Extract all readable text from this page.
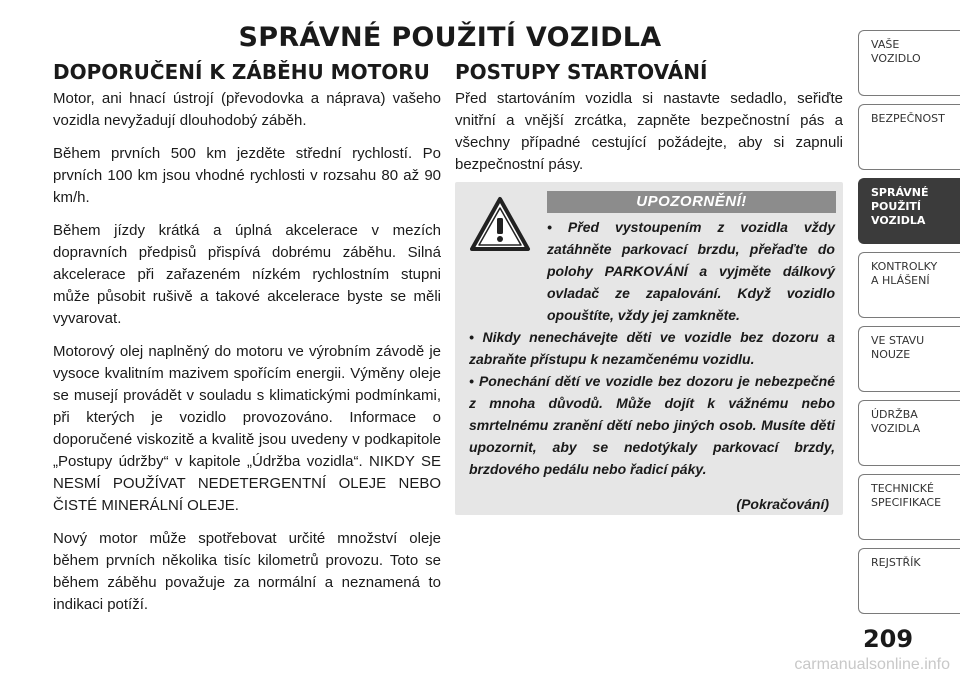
SPRÁVNÉ POUŽITÍ VOZIDLA
DOPORUČENÍ K ZÁBĚHU MOTORU

Motor, ani hnací ústrojí (převodovka a náprava) vašeho vozidla nevyžadují dlouhodobý záběh.

Během prvních 500 km jezděte střední rychlostí. Po prvních 100 km jsou vhodné rychlosti v rozsahu 80 až 90 km/h.

Během jízdy krátká a úplná akcelerace v mezích dopravních předpisů přispívá dobrému záběhu. Silná akcelerace při zařazeném nízkém rychlostním stupni může působit rušivě a takové akcelerace byste se měli vyvarovat.

Motorový olej naplněný do motoru ve výrobním závodě je vysoce kvalitním mazivem spořícím energii. Výměny oleje se musejí provádět v souladu s klimatickými podmínkami, při kterých je vozidlo provozováno. Informace o doporučené viskozitě a kvalitě jsou uvedeny v podkapitole „Postupy údržby“ v kapitole „Údržba vozidla“. NIKDY SE NESMÍ POUŽÍVAT NEDETERGENTNÍ OLEJE NEBO ČISTÉ MINERÁLNÍ OLEJE.

Nový motor může spotřebovat určité množství oleje během prvních několika tisíc kilometrů provozu. Toto se během záběhu považuje za normální a neznamená to indikaci potíží.

POSTUPY STARTOVÁNÍ

Před startováním vozidla si nastavte sedadlo, seřiďte vnitřní a vnější zrcátka, zapněte bezpečnostní pás a všechny případné cestující požádejte, aby si zapnuli bezpečnostní pásy.

UPOZORNĚNÍ!

• Před vystoupením z vozidla vždy zatáhněte parkovací brzdu, přeřaďte do polohy PARKOVÁNÍ a vyjměte dálkový ovladač ze zapalování. Když vozidlo opouštíte, vždy jej zamkněte.

• Nikdy nenechávejte děti ve vozidle bez dozoru a zabraňte přístupu k nezamčenému vozidlu.

• Ponechání dětí ve vozidle bez dozoru je nebezpečné z mnoha důvodů. Může dojít k vážnému nebo smrtelnému zranění dětí nebo jiných osob. Musíte děti upozornit, aby se nedotýkaly parkovací brzdy, brzdového pedálu nebo řadicí páky.

(Pokračování)
VAŠE
VOZIDLO
BEZPEČNOST
SPRÁVNÉ
POUŽITÍ
VOZIDLA
KONTROLKY
A HLÁŠENÍ
VE STAVU
NOUZE
ÚDRŽBA
VOZIDLA
TECHNICKÉ
SPECIFIKACE
REJSTŘÍK
209
carmanualsonline.info
